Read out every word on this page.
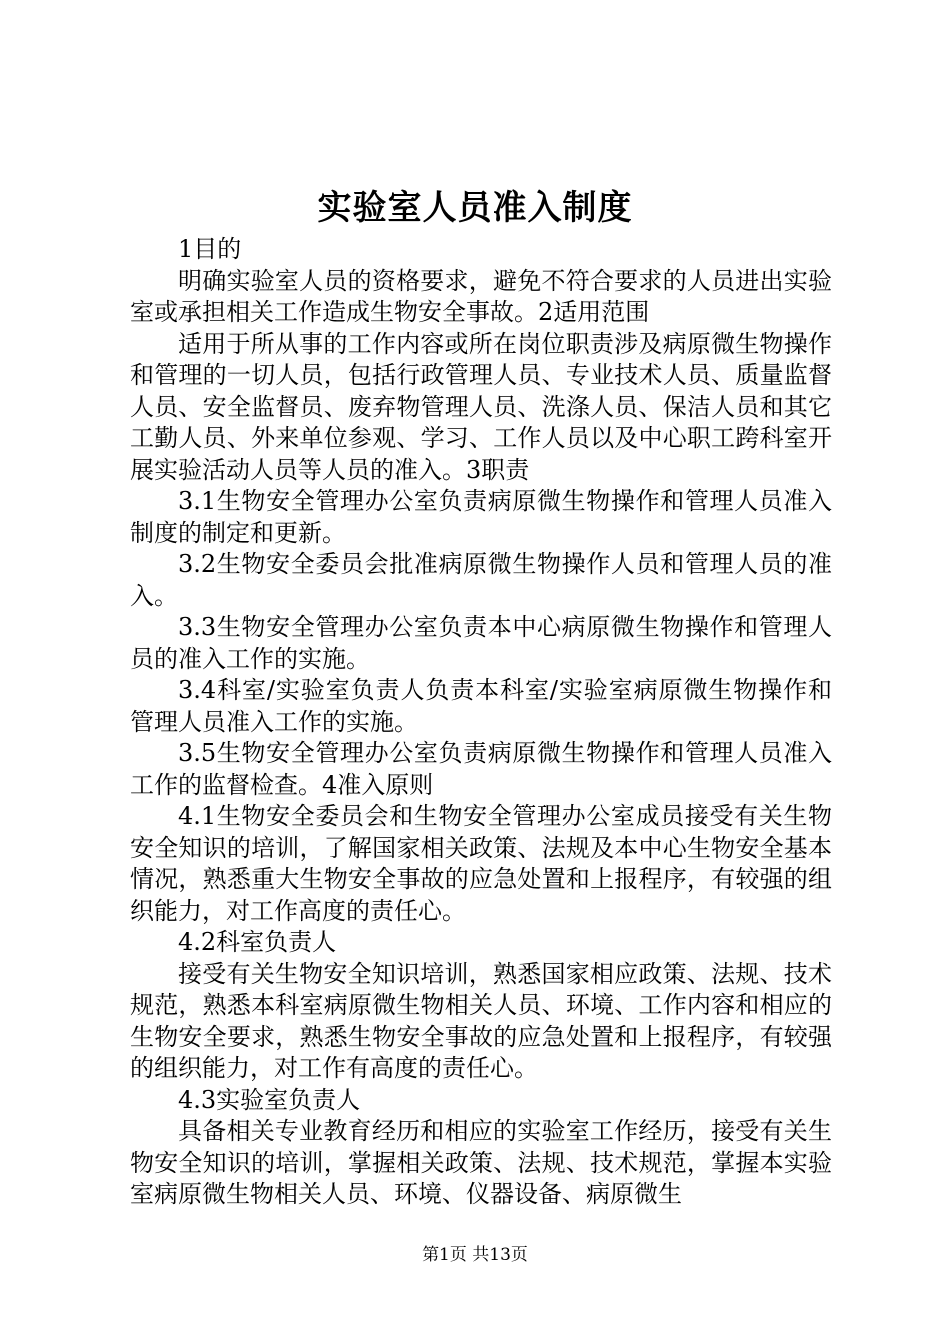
实验室人员准入制度
1目的
明确实验室人员的资格要求，避免不符合要求的人员进出实验室或承担相关工作造成生物安全事故。2适用范围
适用于所从事的工作内容或所在岗位职责涉及病原微生物操作和管理的一切人员，包括行政管理人员、专业技术人员、质量监督人员、安全监督员、废弃物管理人员、洗涤人员、保洁人员和其它工勤人员、外来单位参观、学习、工作人员以及中心职工跨科室开展实验活动人员等人员的准入。3职责
3.1生物安全管理办公室负责病原微生物操作和管理人员准入制度的制定和更新。
3.2生物安全委员会批准病原微生物操作人员和管理人员的准入。
3.3生物安全管理办公室负责本中心病原微生物操作和管理人员的准入工作的实施。
3.4科室/实验室负责人负责本科室/实验室病原微生物操作和管理人员准入工作的实施。
3.5生物安全管理办公室负责病原微生物操作和管理人员准入工作的监督检查。4准入原则
4.1生物安全委员会和生物安全管理办公室成员接受有关生物安全知识的培训，了解国家相关政策、法规及本中心生物安全基本情况，熟悉重大生物安全事故的应急处置和上报程序，有较强的组织能力，对工作高度的责任心。
4.2科室负责人
接受有关生物安全知识培训，熟悉国家相应政策、法规、技术规范，熟悉本科室病原微生物相关人员、环境、工作内容和相应的生物安全要求，熟悉生物安全事故的应急处置和上报程序，有较强的组织能力，对工作有高度的责任心。
4.3实验室负责人
具备相关专业教育经历和相应的实验室工作经历，接受有关生物安全知识的培训，掌握相关政策、法规、技术规范，掌握本实验室病原微生物相关人员、环境、仪器设备、病原微生
第1页 共13页
